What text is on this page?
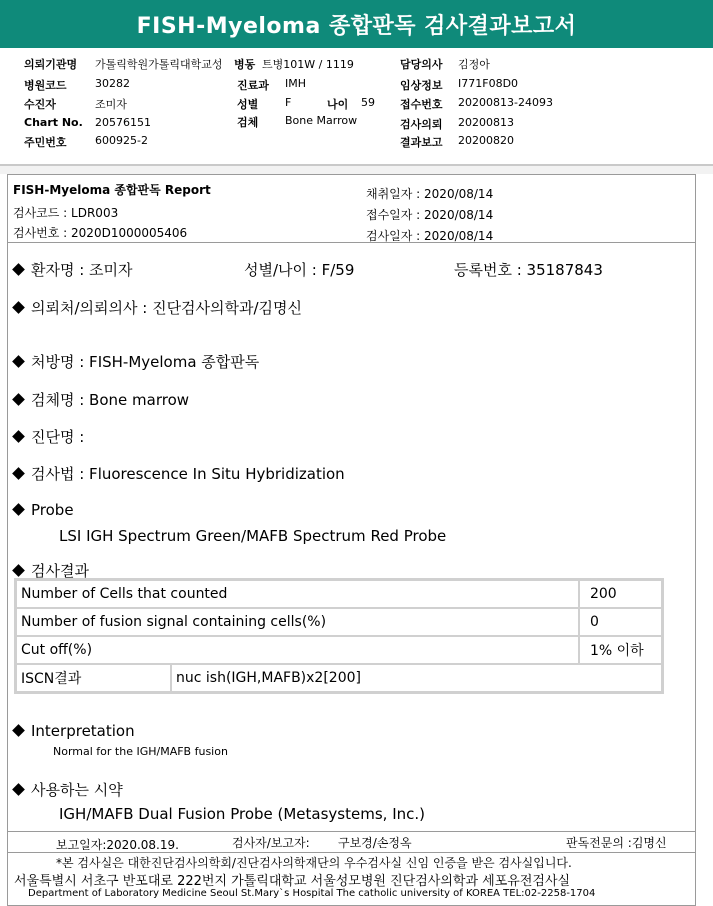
FISH-Myeloma 종합판독 검사결과보고서
의뢰기관명 가톨릭학원가톨릭대학교성 병동 트병101W / 1119	담당의사 김정아
병원코드	30282	진료과 IMH	임상정보 I771F08D0
수진자	조미자	성별 F	나이 59 접수번호 20200813-24093
Chart No. 20576151	검체 Bone Marrow	검사의뢰 20200813
주민번호	600925-2	결과보고 20200820
FISH-Myeloma 종합판독 Report
검사코드 : LDR003
검사번호 : 2020D1000005406
채취일자 : 2020/08/14
접수일자 : 2020/08/14
검사일자 : 2020/08/14
환자명 : 조미자	성별/나이 : F/59	등록번호 : 35187843
의뢰처/의뢰의사 : 진단검사의학과/김명신
처방명 : FISH-Myeloma 종합판독
검체명 : Bone marrow
진단명 :
검사법 : Fluorescence In Situ Hybridization
Probe
LSI IGH Spectrum Green/MAFB Spectrum Red Probe
검사결과
Number of Cells that counted		200
Number of fusion signal containing cells(%)		0
Cut off(%)		1% 이하
ISCN결과	nuc ish(IGH,MAFB)x2[200]	
Interpretation
Normal for the IGH/MAFB fusion
사용하는 시약
IGH/MAFB Dual Fusion Probe (Metasystems, Inc.)
보고일자:2020.08.19.	검사자/보고자: 구보경/손정옥	판독전문의 :김명신
*본 검사실은 대한진단검사의학회/진단검사의학재단의 우수검사실 신임 인증을 받은 검사실입니다.
서울특별시 서초구 반포대로 222번지 가톨릭대학교 서울성모병원 진단검사의학과 세포유전검사실
Department of Laboratory Medicine Seoul St.Mary`s Hospital The catholic university of KOREA TEL:02-2258-1704
